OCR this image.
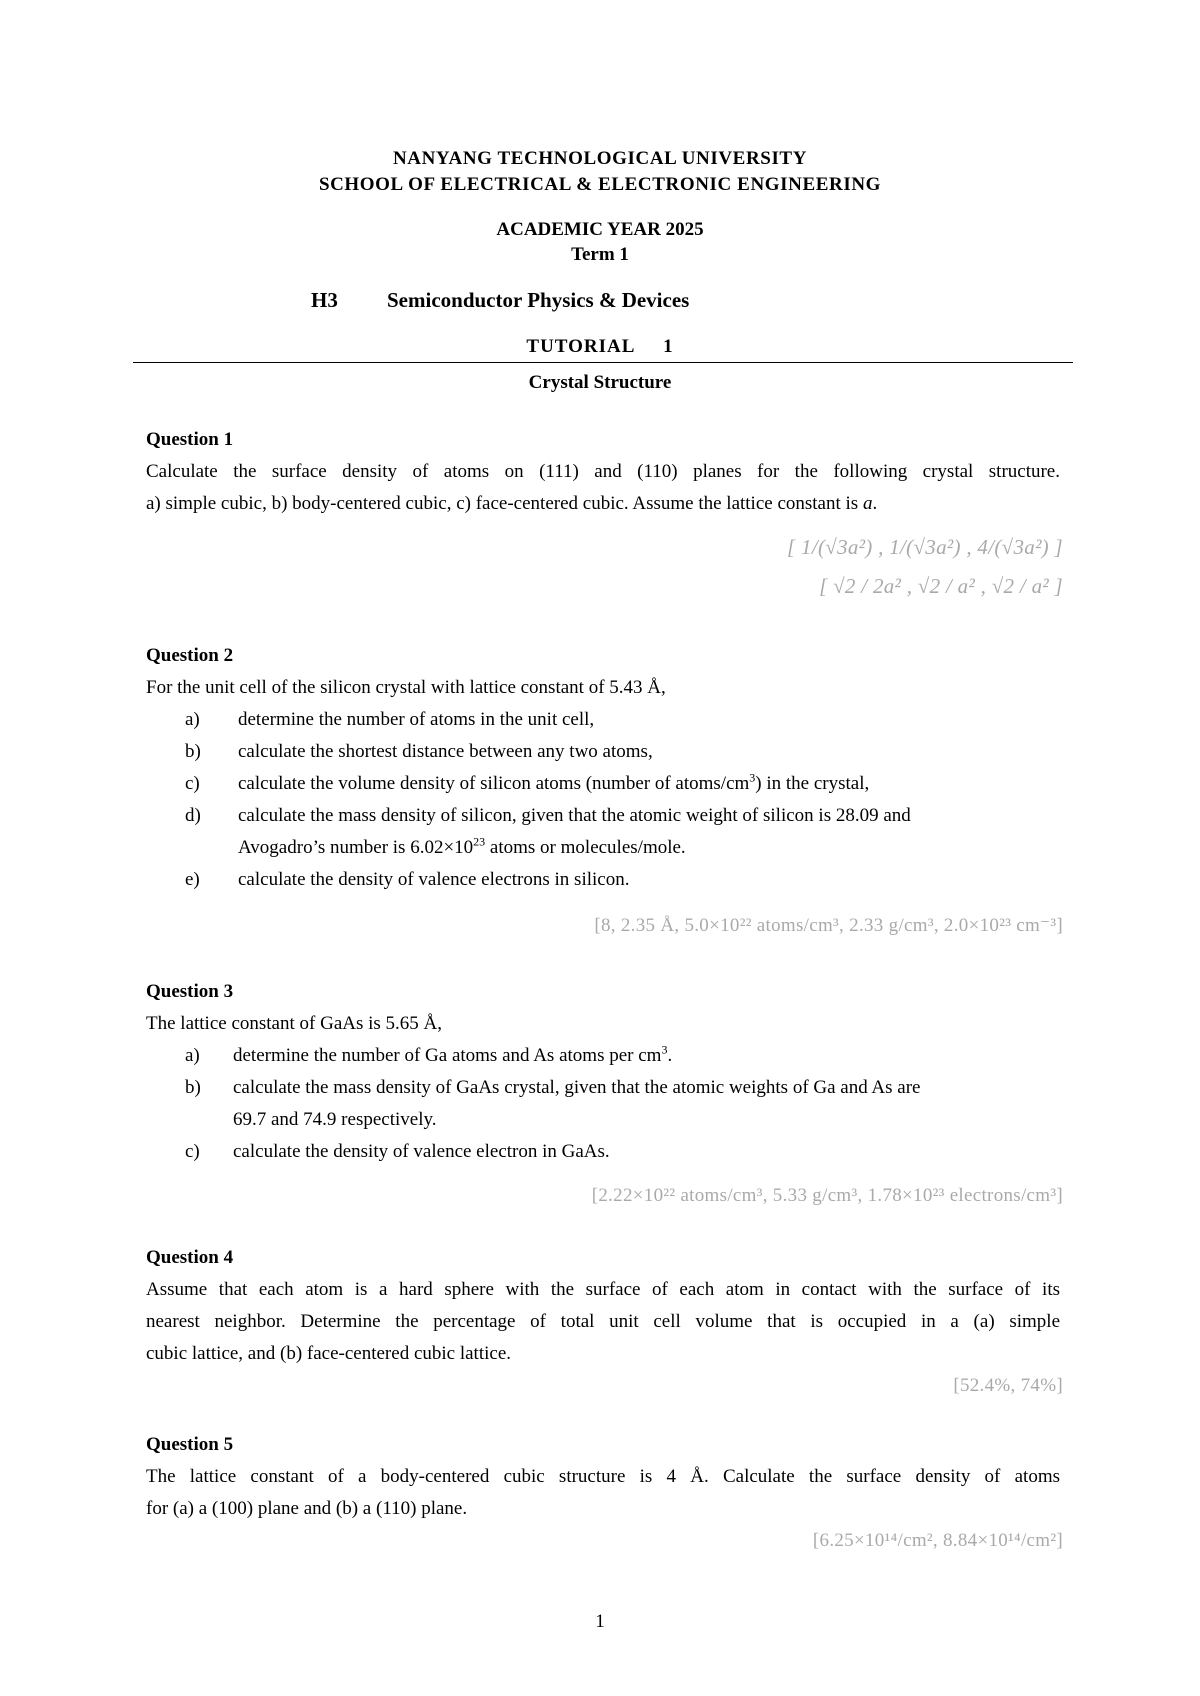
NANYANG TECHNOLOGICAL UNIVERSITY
SCHOOL OF ELECTRICAL & ELECTRONIC ENGINEERING
ACADEMIC YEAR 2025
Term 1
H3 Semiconductor Physics & Devices
TUTORIAL     1
Crystal Structure
Question 1
Calculate the surface density of atoms on (111) and (110) planes for the following crystal structure.
a) simple cubic, b) body-centered cubic, c) face-centered cubic. Assume the lattice constant is a.
[ 1/(√3a²) , 1/(√3a²) , 4/(√3a²) ]
[ √2 / 2a² , √2 / a² , √2 / a² ]
Question 2
For the unit cell of the silicon crystal with lattice constant of 5.43 Å,
a) determine the number of atoms in the unit cell,
b) calculate the shortest distance between any two atoms,
c) calculate the volume density of silicon atoms (number of atoms/$cm^3$) in the crystal,
d) calculate the mass density of silicon, given that the atomic weight of silicon is 28.09 and
Avogadro’s number is $6.02\times 10^{23}$ atoms or molecules/mole.
e) calculate the density of valence electrons in silicon.
[8, 2.35 Å, 5.0×10²² atoms/cm³, 2.33 g/cm³, 2.0×10²³ cm⁻³]
Question 3
The lattice constant of GaAs is 5.65 Å,
a) determine the number of Ga atoms and As atoms per $cm^3$.
b) calculate the mass density of GaAs crystal, given that the atomic weights of Ga and As are
69.7 and 74.9 respectively.
c) calculate the density of valence electron in GaAs.
[2.22×10²² atoms/cm³, 5.33 g/cm³, 1.78×10²³ electrons/cm³]
Question 4
Assume that each atom is a hard sphere with the surface of each atom in contact with the surface of its
nearest neighbor. Determine the percentage of total unit cell volume that is occupied in a (a) simple
cubic lattice, and (b) face-centered cubic lattice.
[52.4%, 74%]
Question 5
The lattice constant of a body-centered cubic structure is 4 Å. Calculate the surface density of atoms
for (a) a (100) plane and (b) a (110) plane.
[6.25×10¹⁴/cm², 8.84×10¹⁴/cm²]
1
